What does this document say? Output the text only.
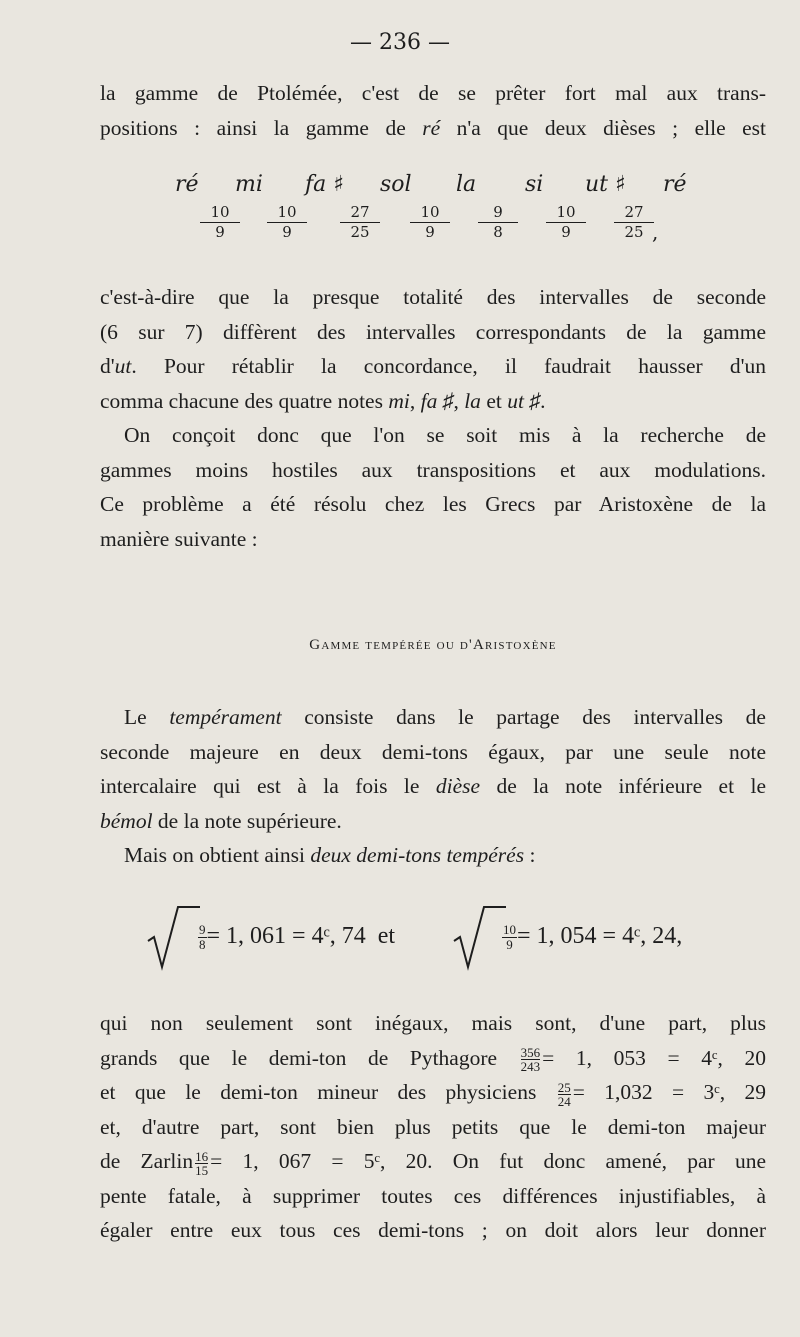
— 236 —
la gamme de Ptolémée, c'est de se prêter fort mal aux trans-
positions : ainsi la gamme de ré n'a que deux dièses ; elle est
ré mi fa ♯ sol la si ut ♯ ré
$\frac{10}{9} \frac{10}{9} \frac{27}{25} \frac{10}{9} \frac{9}{8} \frac{10}{9} \frac{27}{25}$
,
c'est-à-dire que la presque totalité des intervalles de seconde
(6 sur 7) diffèrent des intervalles correspondants de la gamme
d'ut. Pour rétablir la concordance, il faudrait hausser d'un
comma chacune des quatre notes mi, fa ♯, la et ut ♯.
On conçoit donc que l'on se soit mis à la recherche de
gammes moins hostiles aux transpositions et aux modulations.
Ce problème a été résolu chez les Grecs par Aristoxène de la
manière suivante :
Gamme tempérée ou d'Aristoxène
Le tempérament consiste dans le partage des intervalles de
seconde majeure en deux demi-tons égaux, par une seule note
intercalaire qui est à la fois le dièse de la note inférieure et le
bémol de la note supérieure.
Mais on obtient ainsi deux demi-tons tempérés :
$\frac{9}{8} = 1$, 061 = 4ᶜ, 74 et	$\frac{10}{9} = 1$, 054 = 4ᶜ, 24,
qui non seulement sont inégaux, mais sont, d'une part, plus
grands que le demi-ton de Pythagore $\frac{356}{243} = 1$, 053 = 4ᶜ, 20
et que le demi-ton mineur des physiciens $\frac{25}{24} = 1,032$ = 3ᶜ, 29
et, d'autre part, sont bien plus petits que le demi-ton majeur
de Zarlin $\frac{16}{15} = 1$, 067 = 5ᶜ, 20. On fut donc amené, par une
pente fatale, à supprimer toutes ces différences injustifiables, à
égaler entre eux tous ces demi-tons ; on doit alors leur donner
